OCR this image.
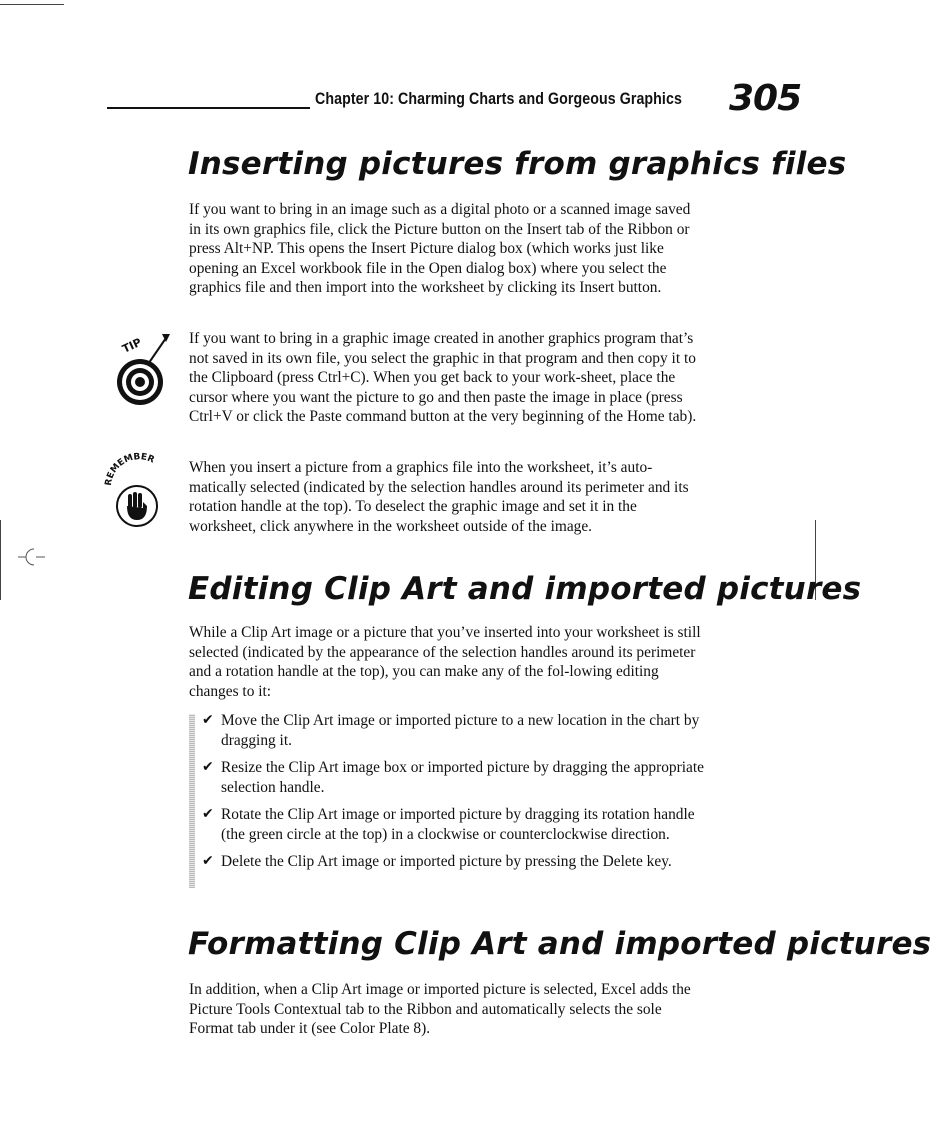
Chapter 10: Charming Charts and Gorgeous Graphics 305
Inserting pictures from graphics files

If you want to bring in an image such as a digital photo or a scanned image saved in its own graphics file, click the Picture button on the Insert tab of the Ribbon or press Alt+NP. This opens the Insert Picture dialog box (which works just like opening an Excel workbook file in the Open dialog box) where you select the graphics file and then import into the worksheet by clicking its Insert button.

TIP	If you want to bring in a graphic image created in another graphics program that’s not saved in its own file, you select the graphic in that program and then copy it to the Clipboard (press Ctrl+C). When you get back to your work-sheet, place the cursor where you want the picture to go and then paste the image in place (press Ctrl+V or click the Paste command button at the very beginning of the Home tab).

REMEMBER When you insert a picture from a graphics file into the worksheet, it’s auto-matically selected (indicated by the selection handles around its perimeter and its rotation handle at the top). To deselect the graphic image and set it in the worksheet, click anywhere in the worksheet outside of the image.

Editing Clip Art and imported pictures

While a Clip Art image or a picture that you’ve inserted into your worksheet is still selected (indicated by the appearance of the selection handles around its perimeter and a rotation handle at the top), you can make any of the fol-lowing editing changes to it:

✔ Move the Clip Art image or imported picture to a new location in the chart by dragging it.
✔ Resize the Clip Art image box or imported picture by dragging the appropriate selection handle.
✔ Rotate the Clip Art image or imported picture by dragging its rotation handle (the green circle at the top) in a clockwise or counterclockwise direction.
✔ Delete the Clip Art image or imported picture by pressing the Delete key.
Formatting Clip Art and imported pictures

In addition, when a Clip Art image or imported picture is selected, Excel adds the Picture Tools Contextual tab to the Ribbon and automatically selects the sole Format tab under it (see Color Plate 8).
